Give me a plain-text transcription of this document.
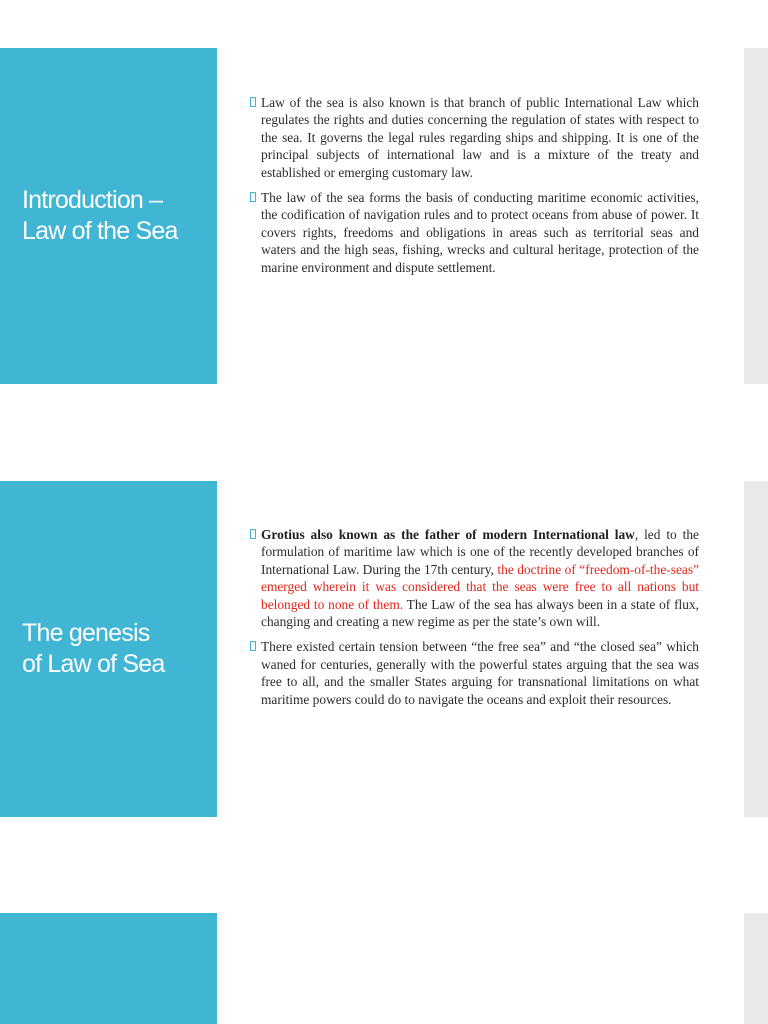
Introduction –
Law of the Sea
Law of the sea is also known is that branch of public International Law which regulates the rights and duties concerning the regulation of states with respect to the sea. It governs the legal rules regarding ships and shipping. It is one of the principal subjects of international law and is a mixture of the treaty and established or emerging customary law.
The law of the sea forms the basis of conducting maritime economic activities, the codification of navigation rules and to protect oceans from abuse of power. It covers rights, freedoms and obligations in areas such as territorial seas and waters and the high seas, fishing, wrecks and cultural heritage, protection of the marine environment and dispute settlement.
The genesis
of Law of Sea
Grotius also known as the father of modern International law, led to the formulation of maritime law which is one of the recently developed branches of International Law. During the 17th century, the doctrine of “freedom-of-the-seas” emerged wherein it was considered that the seas were free to all nations but belonged to none of them. The Law of the sea has always been in a state of flux, changing and creating a new regime as per the state’s own will.
There existed certain tension between “the free sea” and “the closed sea” which waned for centuries, generally with the powerful states arguing that the sea was free to all, and the smaller States arguing for transnational limitations on what maritime powers could do to navigate the oceans and exploit their resources.
